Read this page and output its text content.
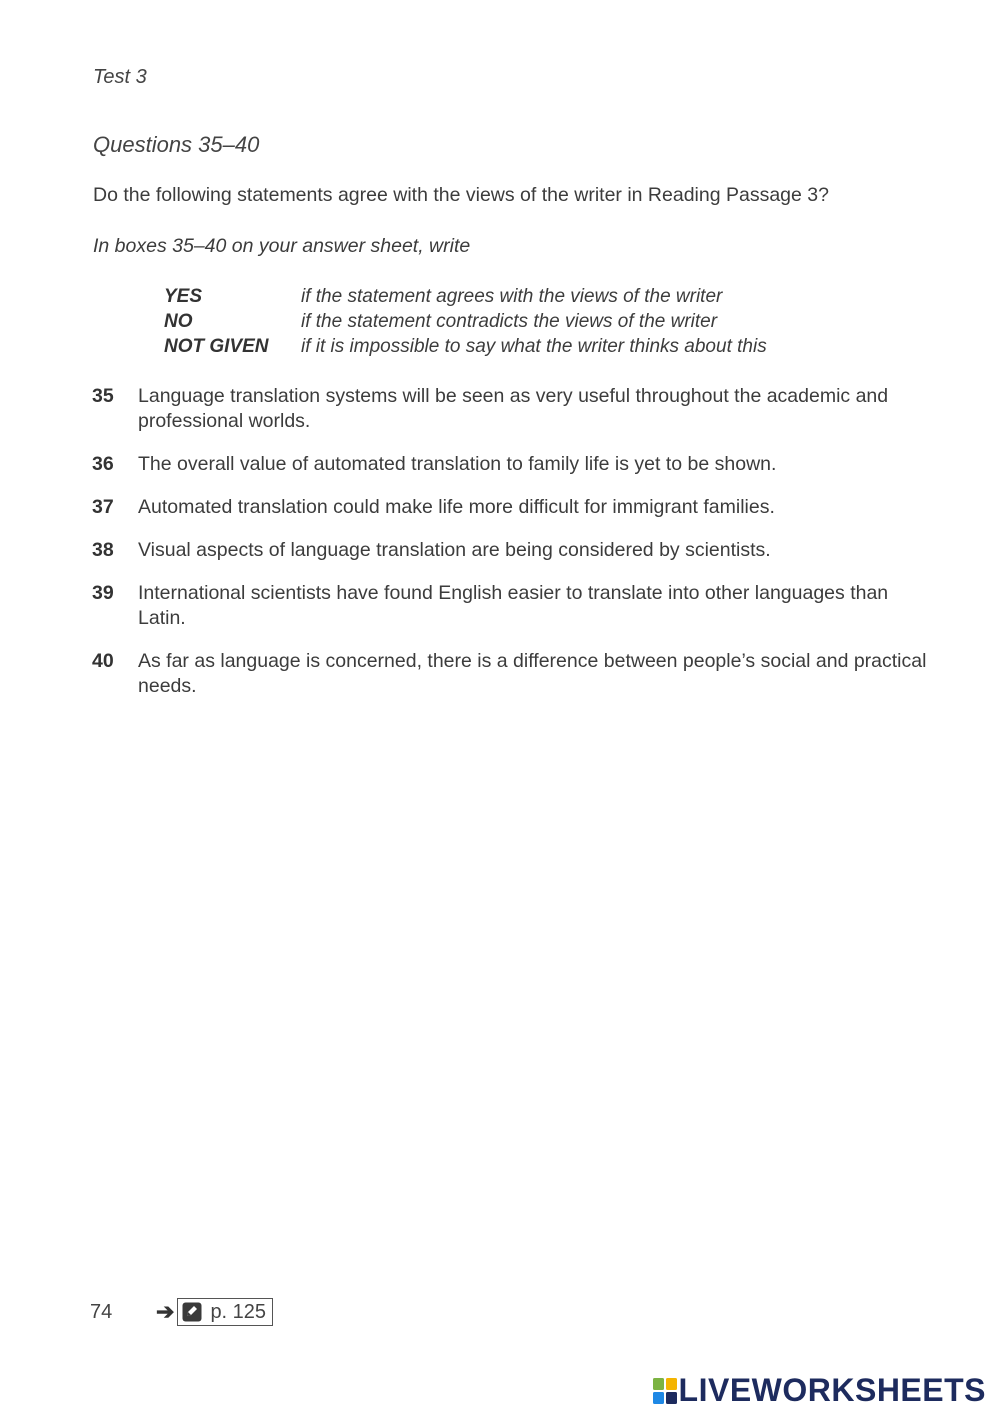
Test 3
Questions 35–40
Do the following statements agree with the views of the writer in Reading Passage 3?
In boxes 35–40 on your answer sheet, write
YES	if the statement agrees with the views of the writer
NO	if the statement contradicts the views of the writer
NOT GIVEN	if it is impossible to say what the writer thinks about this
35	Language translation systems will be seen as very useful throughout the academic and professional worlds.
36	The overall value of automated translation to family life is yet to be shown.
37	Automated translation could make life more difficult for immigrant families.
38	Visual aspects of language translation are being considered by scientists.
39	International scientists have found English easier to translate into other languages than Latin.
40	As far as language is concerned, there is a difference between people’s social and practical needs.
74	➔ p. 125
LIVEWORKSHEETS
